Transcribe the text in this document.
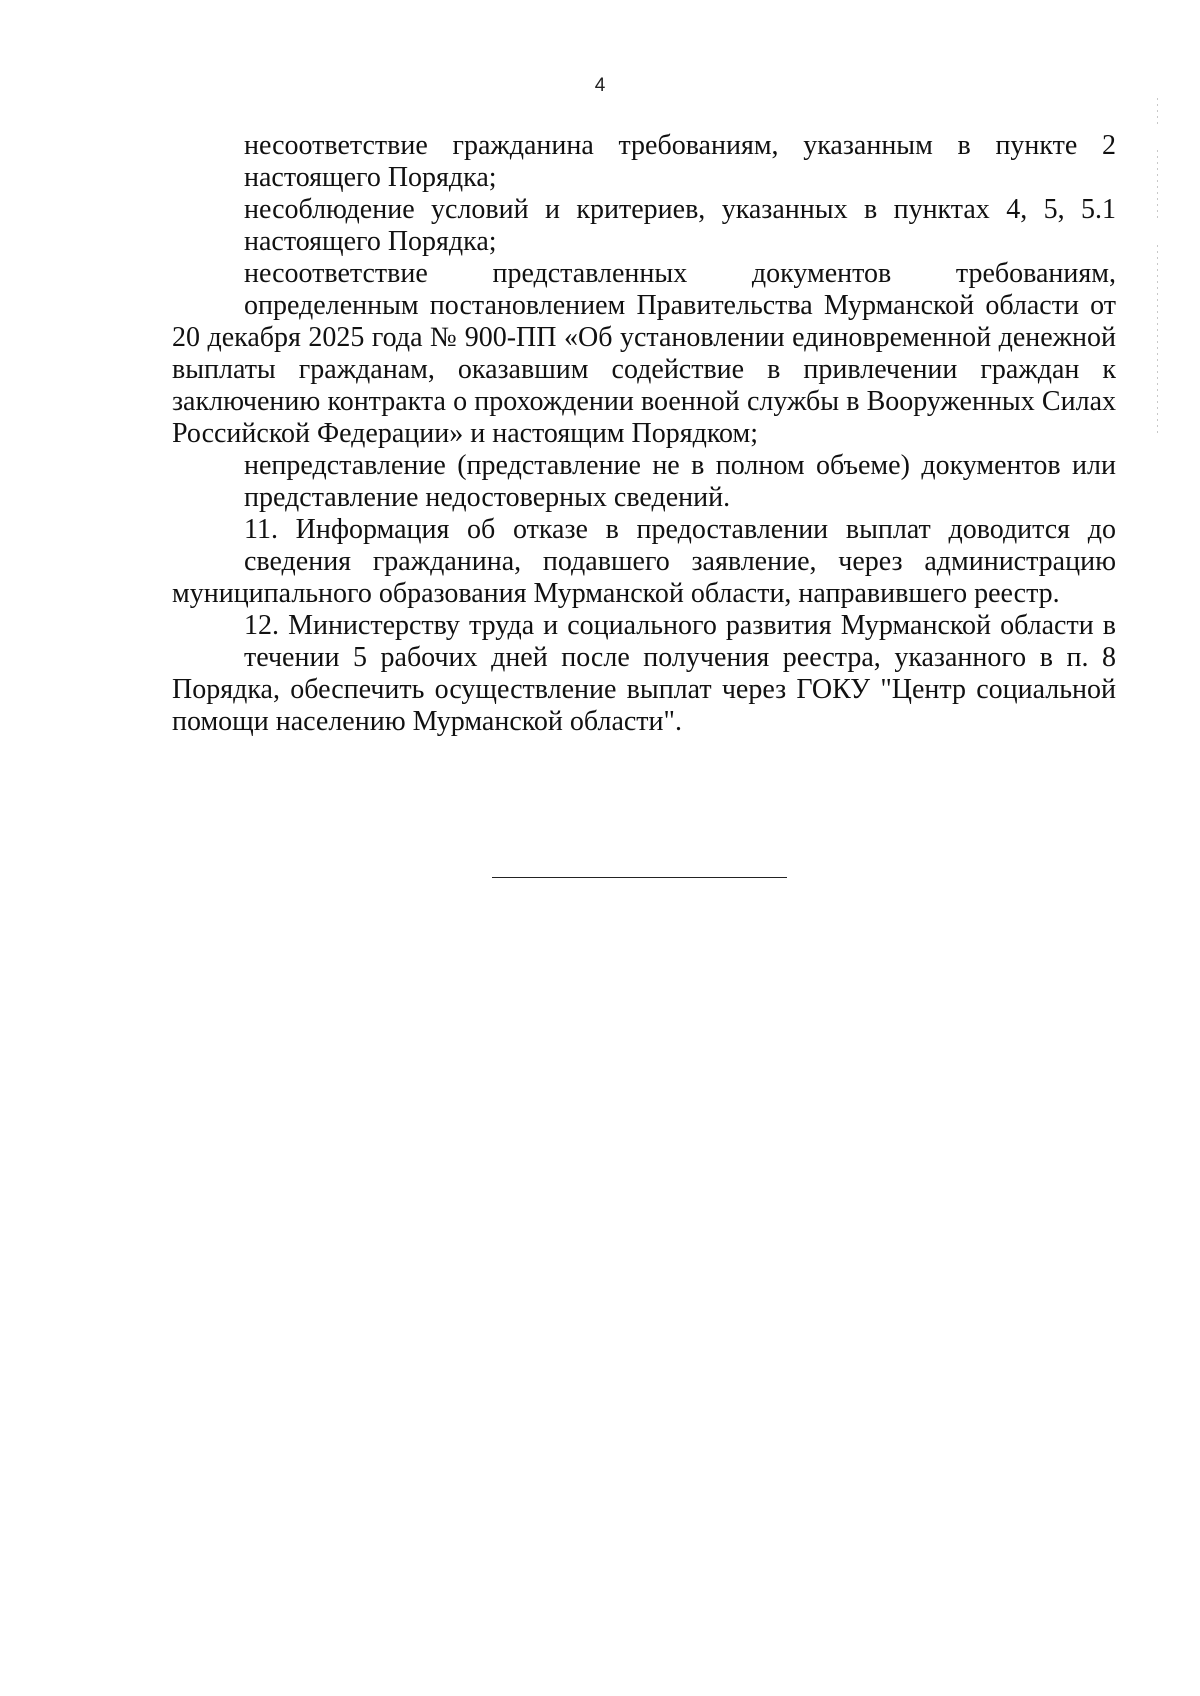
4

несоответствие гражданина требованиям, указанным в пункте 2
настоящего Порядка;

несоблюдение условий и критериев, указанных в пунктах 4, 5, 5.1
настоящего Порядка;

несоответствие представленных документов требованиям,
определенным постановлением Правительства Мурманской области от 20 декабря 2025 года № 900-ПП «Об установлении единовременной денежной выплаты гражданам, оказавшим содействие в привлечении граждан к заключению контракта о прохождении военной службы в Вооруженных Силах Российской Федерации» и настоящим Порядком;

непредставление (представление не в полном объеме) документов или
представление недостоверных сведений.

11. Информация об отказе в предоставлении выплат доводится до
сведения гражданина, подавшего заявление, через администрацию муниципального образования Мурманской области, направившего реестр.

12. Министерству труда и социального развития Мурманской области в
течении 5 рабочих дней после получения реестра, указанного в п. 8 Порядка, обеспечить осуществление выплат через ГОКУ "Центр социальной помощи населению Мурманской области".
